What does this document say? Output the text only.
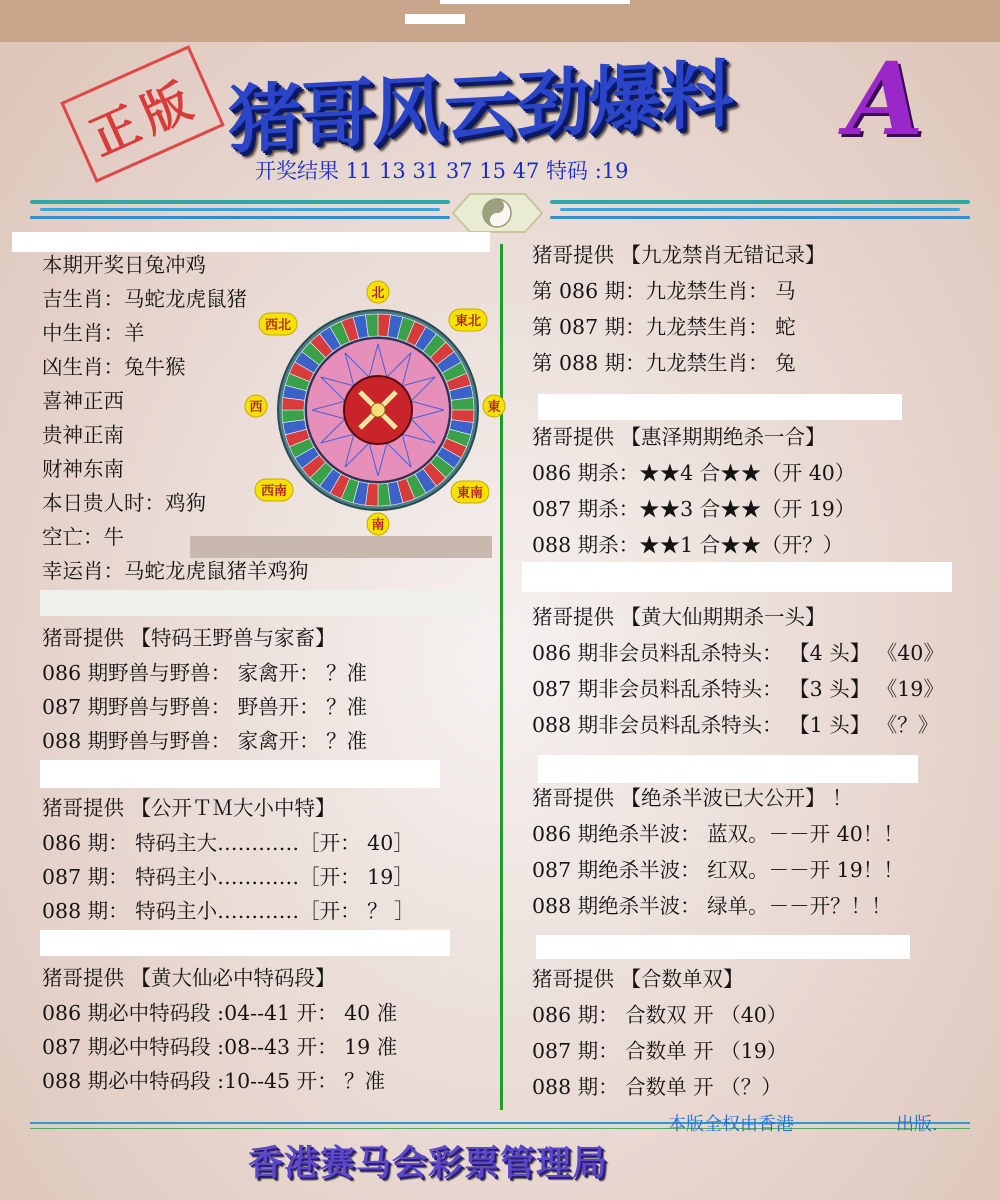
正版 猪哥风云劲爆料	A
开奖结果 11 13 31 37 15 47 特码 :19
北
東北
東
東南
南
西南
西
西北
本期开奖日兔冲鸡
吉生肖：马蛇龙虎鼠猪
中生肖：羊
凶生肖：兔牛猴
喜神正西
贵神正南
财神东南
本日贵人时：鸡狗
空亡：牛
幸运肖：马蛇龙虎鼠猪羊鸡狗
猪哥提供 【特码王野兽与家畜】
086 期野兽与野兽： 家禽开： ？准
087 期野兽与野兽： 野兽开： ？准
088 期野兽与野兽： 家禽开： ？准
猪哥提供 【公开ＴＭ大小中特】
086 期： 特码主大…………［开： 40］
087 期： 特码主小…………［开： 19］
088 期： 特码主小…………［开： ？ ］
猪哥提供 【黄大仙必中特码段】
086 期必中特码段 :04--41 开： 40 准
087 期必中特码段 :08--43 开： 19 准
088 期必中特码段 :10--45 开： ？准
猪哥提供 【九龙禁肖无错记录】
第 086 期：九龙禁生肖： 马
第 087 期：九龙禁生肖： 蛇
第 088 期：九龙禁生肖： 兔
猪哥提供 【惠泽期期绝杀一合】
086 期杀：★★4 合★★（开 40）
087 期杀：★★3 合★★（开 19）
088 期杀：★★1 合★★（开？）
猪哥提供 【黄大仙期期杀一头】
086 期非会员料乱杀特头： 【4 头】 《40》
087 期非会员料乱杀特头： 【3 头】 《19》
088 期非会员料乱杀特头： 【1 头】 《？》
猪哥提供 【绝杀半波已大公开】 ！
086 期绝杀半波： 蓝双。－－开 40！！
087 期绝杀半波： 红双。－－开 19！！
088 期绝杀半波： 绿单。－－开？！！
猪哥提供 【合数单双】
086 期： 合数双 开 （40）
087 期： 合数单 开 （19）
088 期： 合数单 开 （？）
本版全权由香港	出版.
香港赛马会彩票管理局
